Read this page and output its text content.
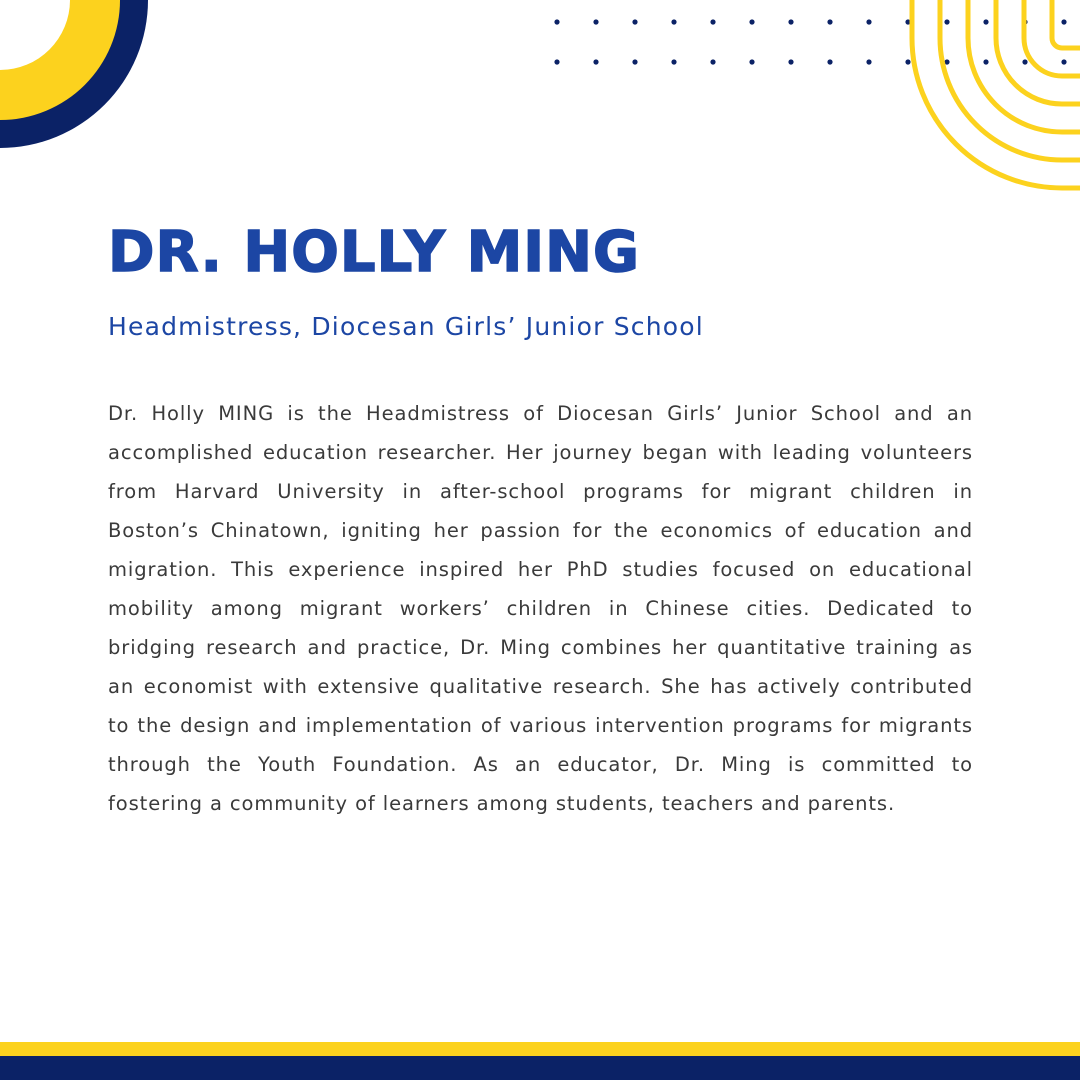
DR. HOLLY MING
Headmistress, Diocesan Girls’ Junior School

Dr. Holly MING is the Headmistress of Diocesan Girls’ Junior School and an accomplished education researcher. Her journey began with leading volunteers from Harvard University in after-school programs for migrant children in Boston’s Chinatown, igniting her passion for the economics of education and migration. This experience inspired her PhD studies focused on educational mobility among migrant workers’ children in Chinese cities. Dedicated to bridging research and practice, Dr. Ming combines her quantitative training as an economist with extensive qualitative research. She has actively contributed to the design and implementation of various intervention programs for migrants through the Youth Foundation. As an educator, Dr. Ming is committed to fostering a community of learners among students, teachers and parents.
